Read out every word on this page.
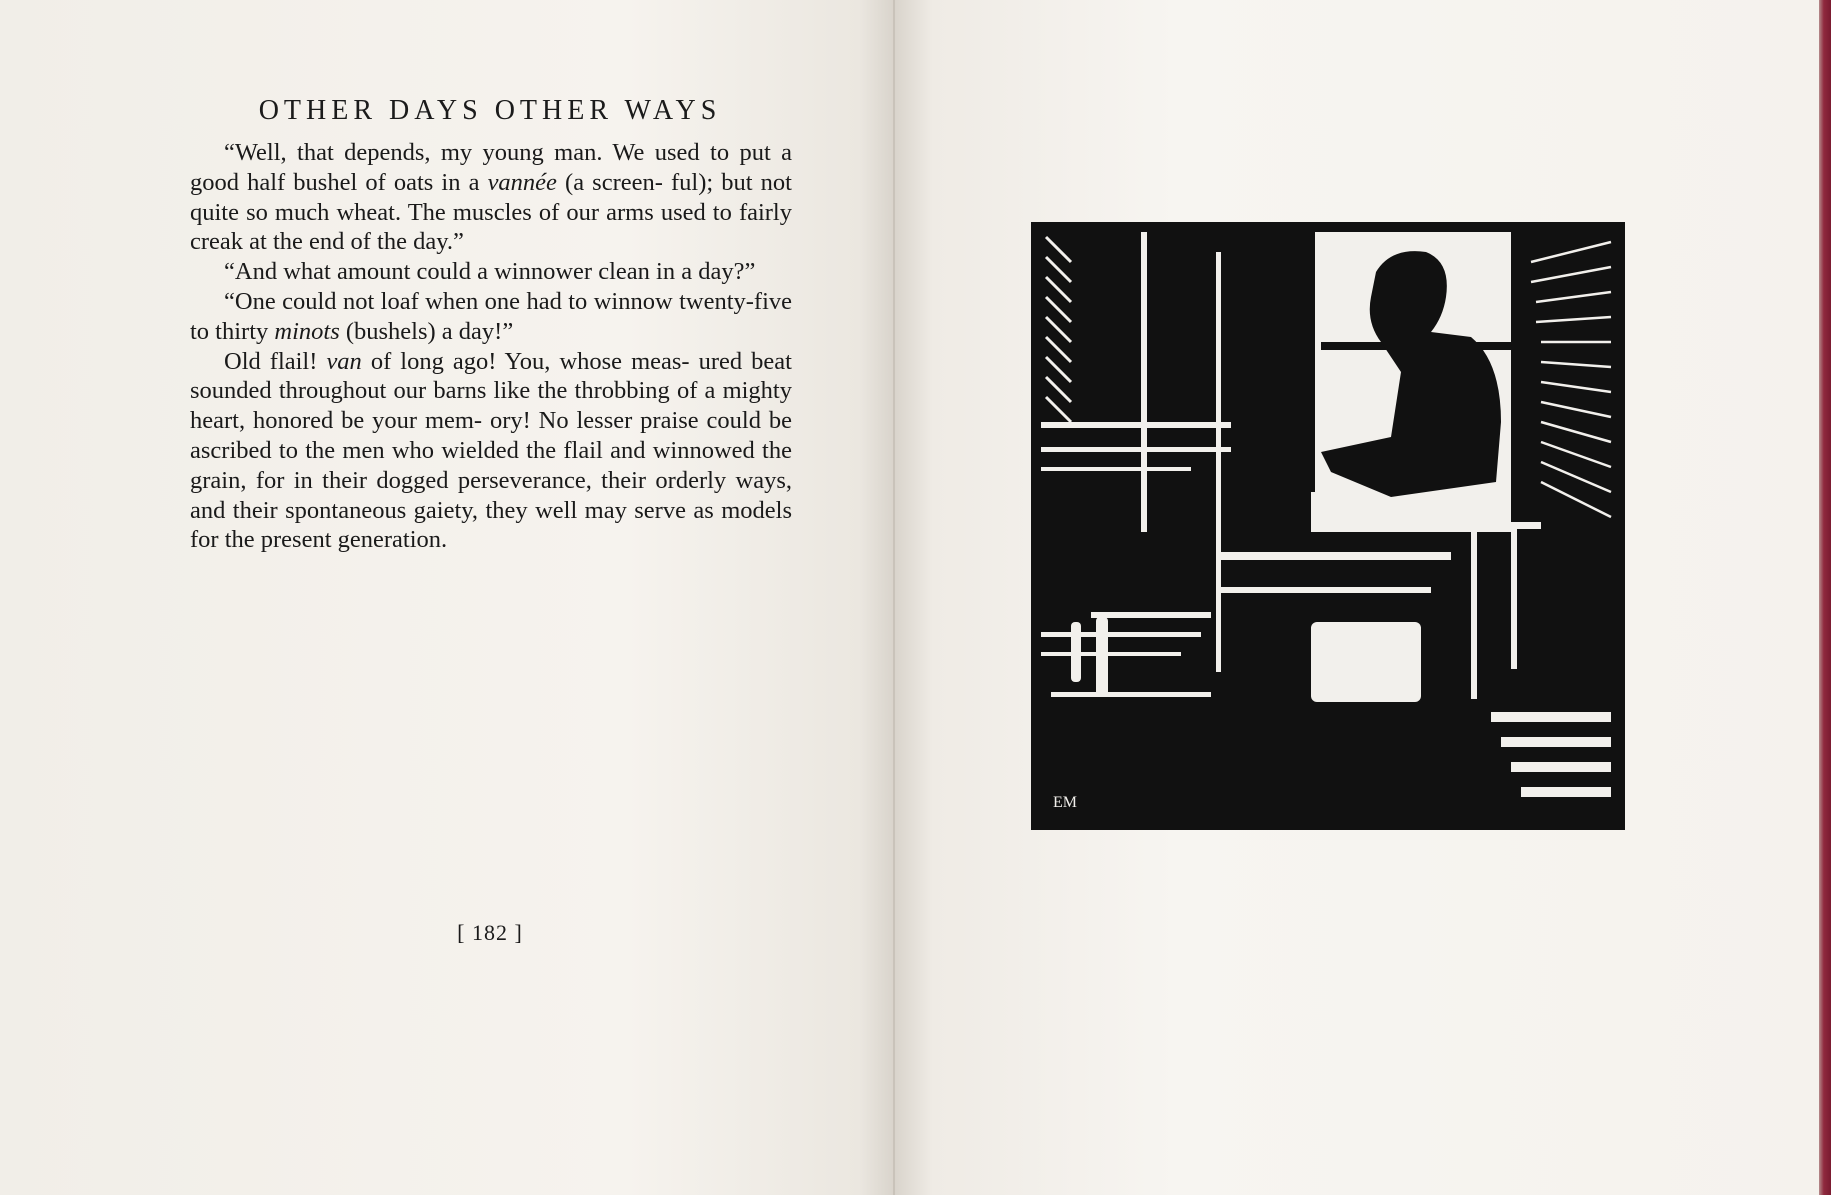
OTHER DAYS OTHER WAYS

“Well, that depends, my young man. We used to put a good half bushel of oats in a vannée (a screen- ful); but not quite so much wheat. The muscles of our arms used to fairly creak at the end of the day.”

“And what amount could a winnower clean in a day?”

“One could not loaf when one had to winnow twenty-five to thirty minots (bushels) a day!”

Old flail! van of long ago! You, whose meas- ured beat sounded throughout our barns like the throbbing of a mighty heart, honored be your mem- ory! No lesser praise could be ascribed to the men who wielded the flail and winnowed the grain, for in their dogged perseverance, their orderly ways, and their spontaneous gaiety, they well may serve as models for the present generation.

[ 182 ]
EM
